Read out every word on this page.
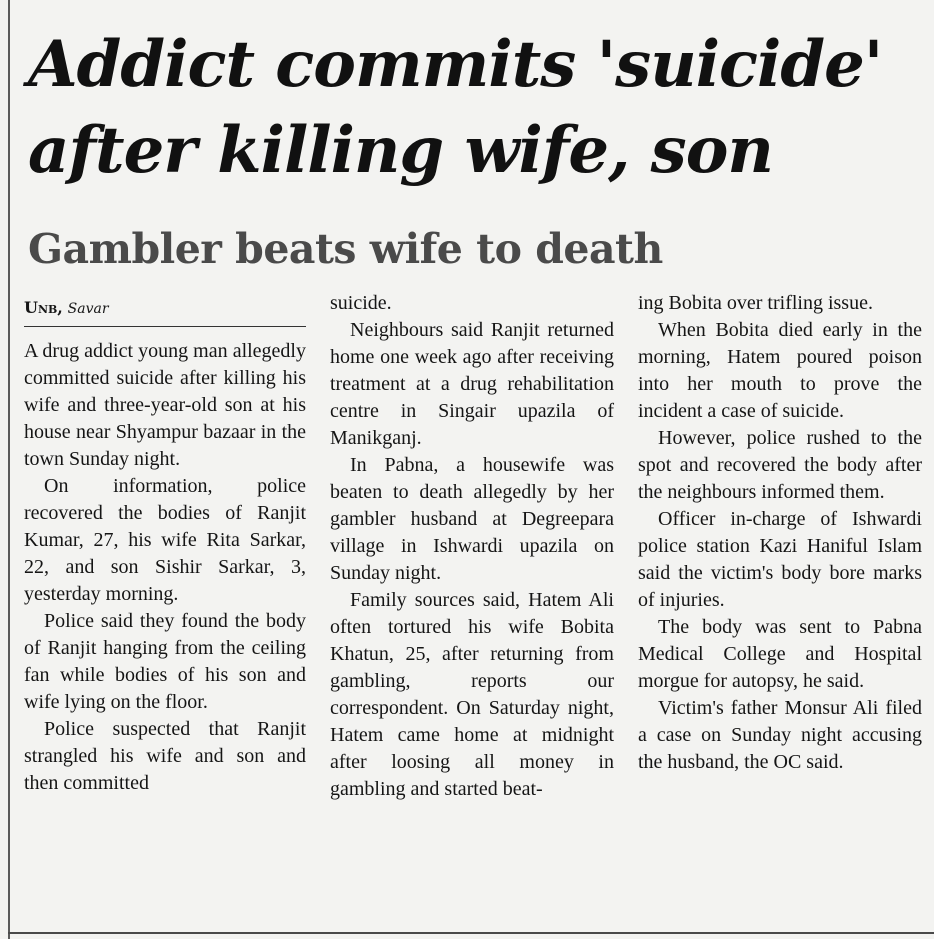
Addict commits 'suicide' after killing wife, son
Gambler beats wife to death
Unb, Savar

A drug addict young man allegedly committed suicide after killing his wife and three-year-old son at his house near Shyampur bazaar in the town Sunday night.

On information, police recovered the bodies of Ranjit Kumar, 27, his wife Rita Sarkar, 22, and son Sishir Sarkar, 3, yesterday morning.

Police said they found the body of Ranjit hanging from the ceiling fan while bodies of his son and wife lying on the floor.

Police suspected that Ranjit strangled his wife and son and then committed

suicide.

Neighbours said Ranjit returned home one week ago after receiving treatment at a drug rehabilitation centre in Singair upazila of Manikganj.

In Pabna, a housewife was beaten to death allegedly by her gambler husband at Degreepara village in Ishwardi upazila on Sunday night.

Family sources said, Hatem Ali often tortured his wife Bobita Khatun, 25, after returning from gambling, reports our correspondent. On Saturday night, Hatem came home at midnight after loosing all money in gambling and started beat-

ing Bobita over trifling issue.

When Bobita died early in the morning, Hatem poured poison into her mouth to prove the incident a case of suicide.

However, police rushed to the spot and recovered the body after the neighbours informed them.

Officer in-charge of Ishwardi police station Kazi Haniful Islam said the victim's body bore marks of injuries.

The body was sent to Pabna Medical College and Hospital morgue for autopsy, he said.

Victim's father Monsur Ali filed a case on Sunday night accusing the husband, the OC said.
